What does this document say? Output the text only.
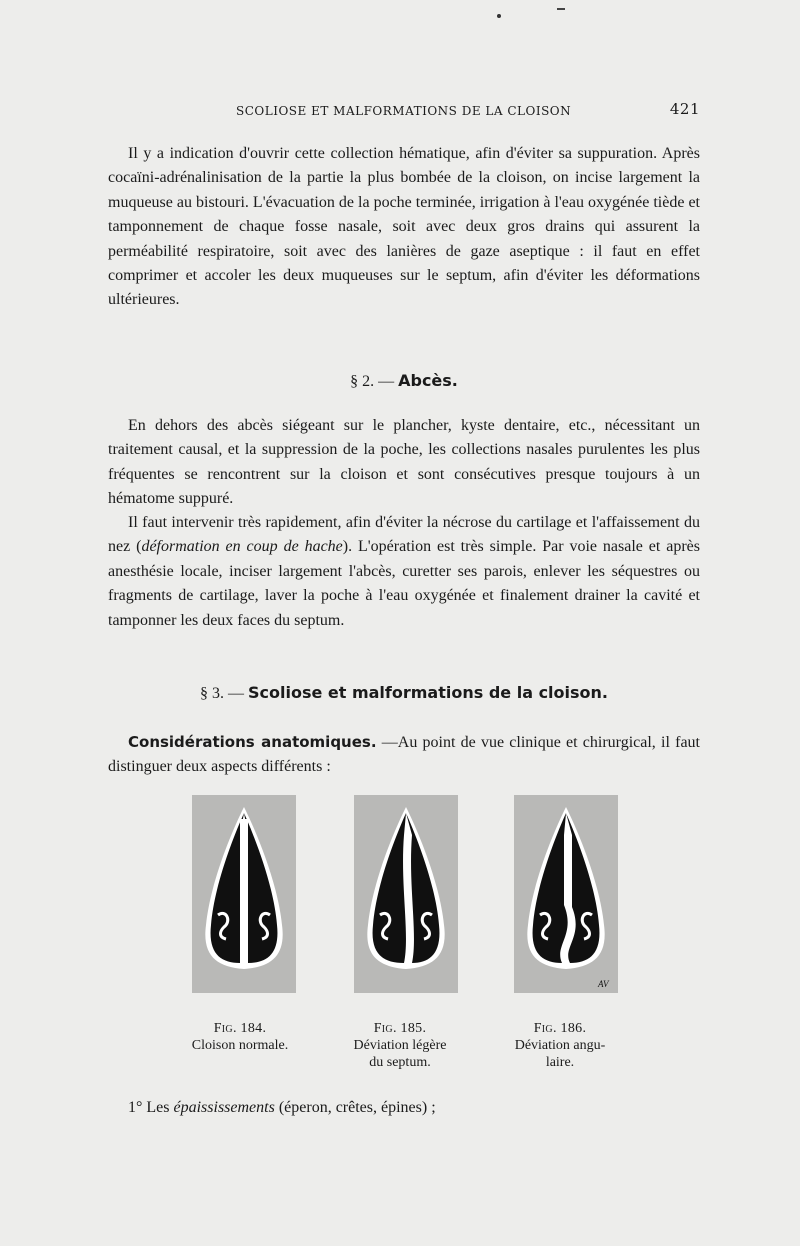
SCOLIOSE ET MALFORMATIONS DE LA CLOISON	421

Il y a indication d'ouvrir cette collection hématique, afin d'éviter sa suppuration. Après cocaïni-adrénalinisation de la partie la plus bombée de la cloison, on incise largement la muqueuse au bistouri. L'évacuation de la poche terminée, irrigation à l'eau oxygénée tiède et tamponnement de chaque fosse nasale, soit avec deux gros drains qui assurent la perméabilité respiratoire, soit avec des lanières de gaze aseptique : il faut en effet comprimer et accoler les deux muqueuses sur le septum, afin d'éviter les déformations ultérieures.

§ 2. — Abcès.

En dehors des abcès siégeant sur le plancher, kyste dentaire, etc., nécessitant un traitement causal, et la suppression de la poche, les collections nasales purulentes les plus fréquentes se rencontrent sur la cloison et sont consécutives presque toujours à un hématome suppuré.

Il faut intervenir très rapidement, afin d'éviter la nécrose du cartilage et l'affaissement du nez (déformation en coup de hache). L'opération est très simple. Par voie nasale et après anesthésie locale, inciser largement l'abcès, curetter ses parois, enlever les séquestres ou fragments de cartilage, laver la poche à l'eau oxygénée et finalement drainer la cavité et tamponner les deux faces du septum.

§ 3. — Scoliose et malformations de la cloison.

Considérations anatomiques. —Au point de vue clinique et chirurgical, il faut distinguer deux aspects différents :

AV
Fig. 184.
Cloison normale.
Fig. 185.
Déviation légère
du septum.
Fig. 186.
Déviation angu-
laire.

1° Les épaississements (éperon, crêtes, épines) ;
